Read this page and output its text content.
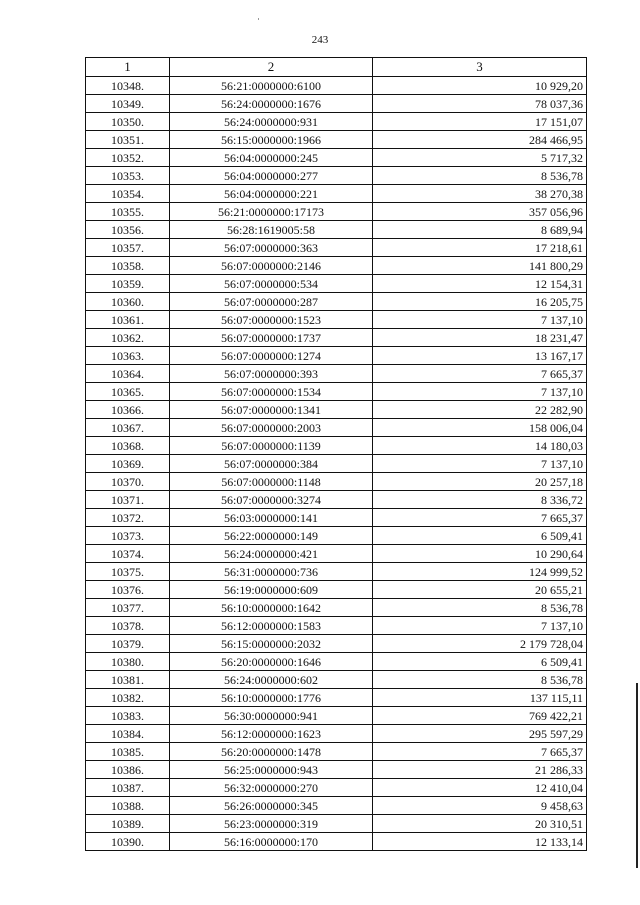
243
1	2	3
10348.	56:21:0000000:6100	10 929,20
10349.	56:24:0000000:1676	78 037,36
10350.	56:24:0000000:931	17 151,07
10351.	56:15:0000000:1966	284 466,95
10352.	56:04:0000000:245	5 717,32
10353.	56:04:0000000:277	8 536,78
10354.	56:04:0000000:221	38 270,38
10355.	56:21:0000000:17173	357 056,96
10356.	56:28:1619005:58	8 689,94
10357.	56:07:0000000:363	17 218,61
10358.	56:07:0000000:2146	141 800,29
10359.	56:07:0000000:534	12 154,31
10360.	56:07:0000000:287	16 205,75
10361.	56:07:0000000:1523	7 137,10
10362.	56:07:0000000:1737	18 231,47
10363.	56:07:0000000:1274	13 167,17
10364.	56:07:0000000:393	7 665,37
10365.	56:07:0000000:1534	7 137,10
10366.	56:07:0000000:1341	22 282,90
10367.	56:07:0000000:2003	158 006,04
10368.	56:07:0000000:1139	14 180,03
10369.	56:07:0000000:384	7 137,10
10370.	56:07:0000000:1148	20 257,18
10371.	56:07:0000000:3274	8 336,72
10372.	56:03:0000000:141	7 665,37
10373.	56:22:0000000:149	6 509,41
10374.	56:24:0000000:421	10 290,64
10375.	56:31:0000000:736	124 999,52
10376.	56:19:0000000:609	20 655,21
10377.	56:10:0000000:1642	8 536,78
10378.	56:12:0000000:1583	7 137,10
10379.	56:15:0000000:2032	2 179 728,04
10380.	56:20:0000000:1646	6 509,41
10381.	56:24:0000000:602	8 536,78
10382.	56:10:0000000:1776	137 115,11
10383.	56:30:0000000:941	769 422,21
10384.	56:12:0000000:1623	295 597,29
10385.	56:20:0000000:1478	7 665,37
10386.	56:25:0000000:943	21 286,33
10387.	56:32:0000000:270	12 410,04
10388.	56:26:0000000:345	9 458,63
10389.	56:23:0000000:319	20 310,51
10390.	56:16:0000000:170	12 133,14
